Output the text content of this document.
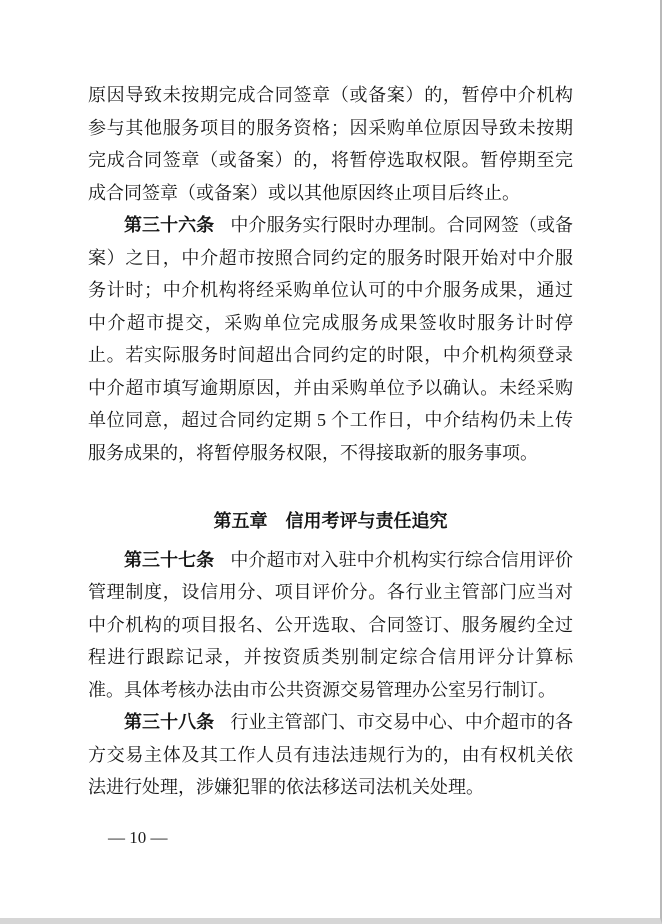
原因导致未按期完成合同签章（或备案）的，暂停中介机构参与其他服务项目的服务资格；因采购单位原因导致未按期完成合同签章（或备案）的，将暂停选取权限。暂停期至完成合同签章（或备案）或以其他原因终止项目后终止。

第三十六条 中介服务实行限时办理制。合同网签（或备案）之日，中介超市按照合同约定的服务时限开始对中介服务计时；中介机构将经采购单位认可的中介服务成果，通过中介超市提交，采购单位完成服务成果签收时服务计时停止。若实际服务时间超出合同约定的时限，中介机构须登录中介超市填写逾期原因，并由采购单位予以确认。未经采购单位同意，超过合同约定期 5 个工作日，中介结构仍未上传服务成果的，将暂停服务权限，不得接取新的服务事项。

第五章　信用考评与责任追究

第三十七条 中介超市对入驻中介机构实行综合信用评价管理制度，设信用分、项目评价分。各行业主管部门应当对中介机构的项目报名、公开选取、合同签订、服务履约全过程进行跟踪记录，并按资质类别制定综合信用评分计算标准。具体考核办法由市公共资源交易管理办公室另行制订。

第三十八条 行业主管部门、市交易中心、中介超市的各方交易主体及其工作人员有违法违规行为的，由有权机关依法进行处理，涉嫌犯罪的依法移送司法机关处理。

— 10 —
